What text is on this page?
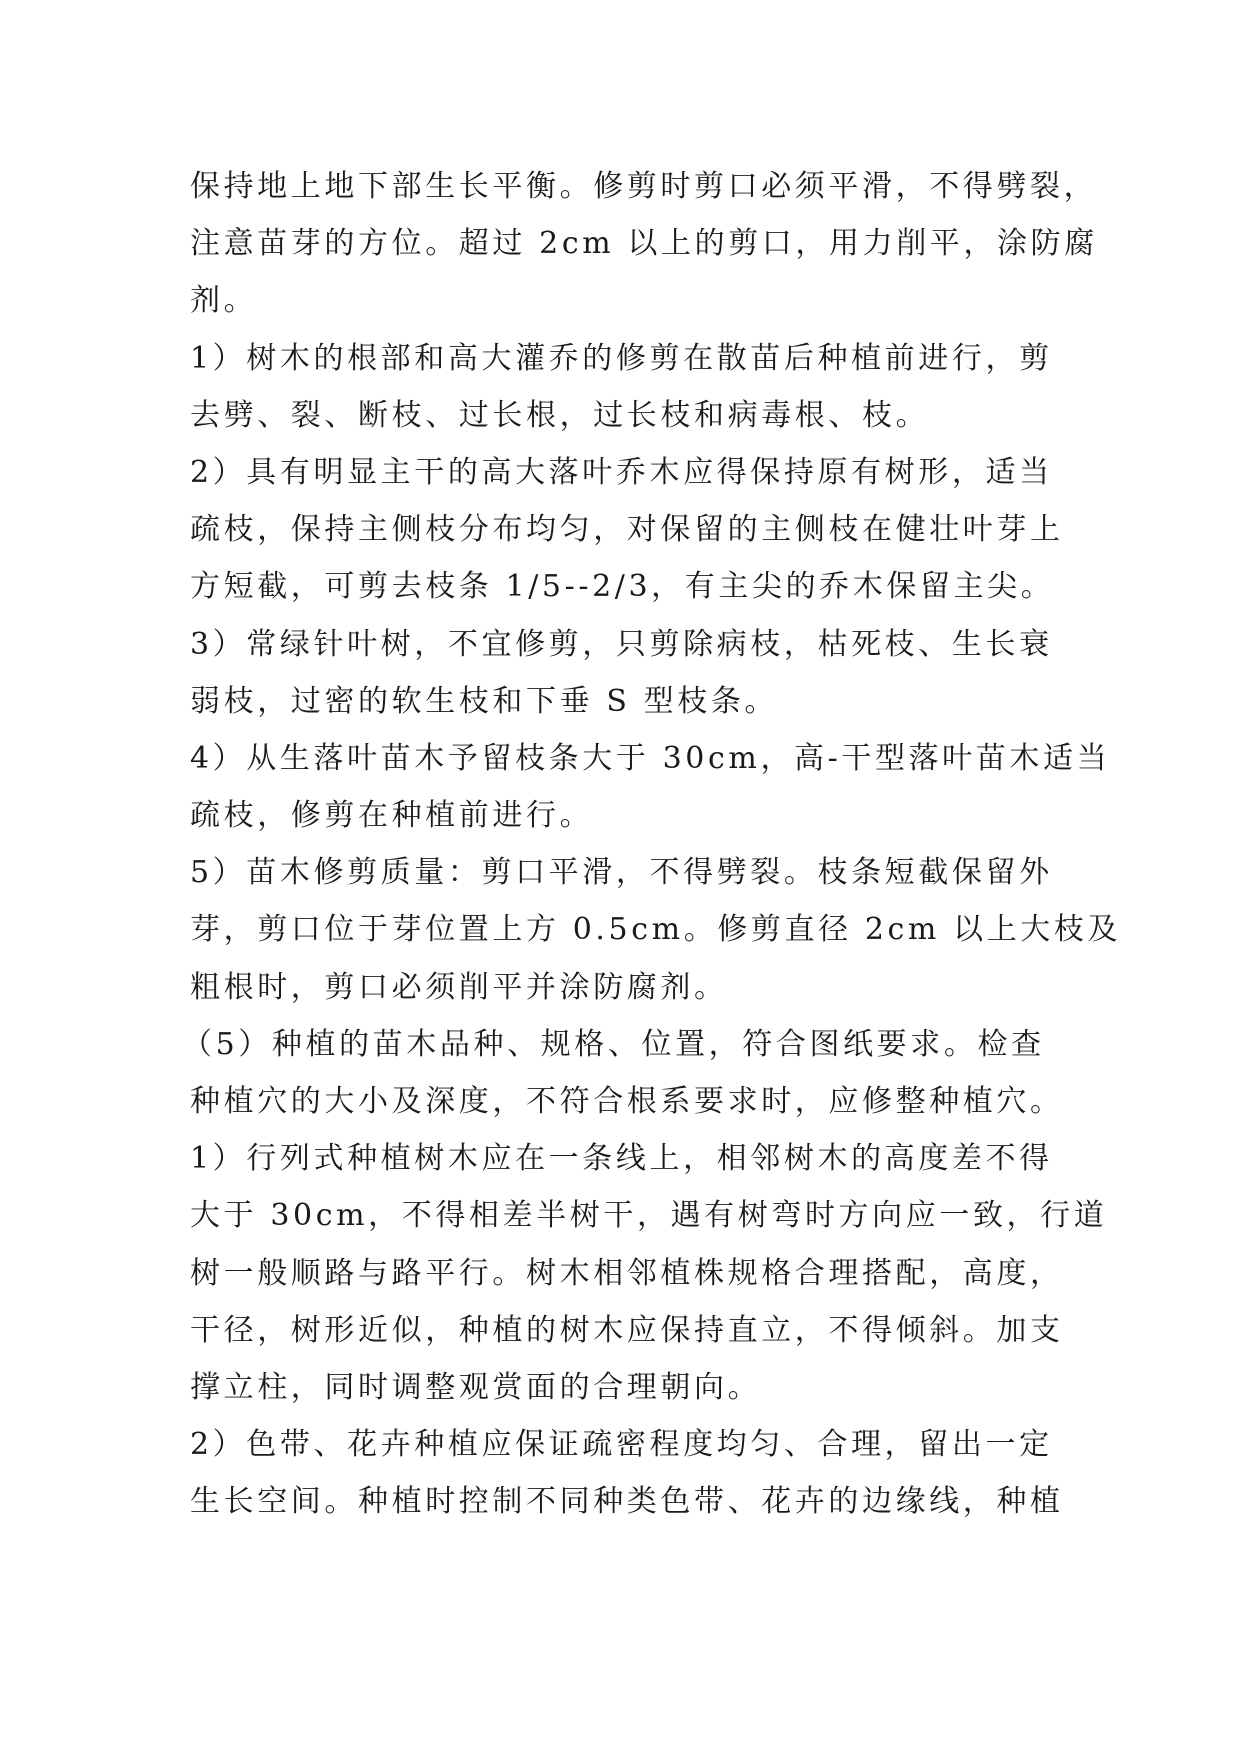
保持地上地下部生长平衡。修剪时剪口必须平滑，不得劈裂，
注意苗芽的方位。超过 2cm 以上的剪口，用力削平，涂防腐
剂。
1）树木的根部和高大灌乔的修剪在散苗后种植前进行，剪
去劈、裂、断枝、过长根，过长枝和病毒根、枝。
2）具有明显主干的高大落叶乔木应得保持原有树形，适当
疏枝，保持主侧枝分布均匀，对保留的主侧枝在健壮叶芽上
方短截，可剪去枝条 1/5--2/3，有主尖的乔木保留主尖。
3）常绿针叶树，不宜修剪，只剪除病枝，枯死枝、生长衰
弱枝，过密的软生枝和下垂 S 型枝条。
4）从生落叶苗木予留枝条大于 30cm，高-干型落叶苗木适当
疏枝，修剪在种植前进行。
5）苗木修剪质量：剪口平滑，不得劈裂。枝条短截保留外
芽，剪口位于芽位置上方 0.5cm。修剪直径 2cm 以上大枝及
粗根时，剪口必须削平并涂防腐剂。
（5）种植的苗木品种、规格、位置，符合图纸要求。检查
种植穴的大小及深度，不符合根系要求时，应修整种植穴。
1）行列式种植树木应在一条线上，相邻树木的高度差不得
大于 30cm，不得相差半树干，遇有树弯时方向应一致，行道
树一般顺路与路平行。树木相邻植株规格合理搭配，高度，
干径，树形近似，种植的树木应保持直立，不得倾斜。加支
撑立柱，同时调整观赏面的合理朝向。
2）色带、花卉种植应保证疏密程度均匀、合理，留出一定
生长空间。种植时控制不同种类色带、花卉的边缘线，种植
